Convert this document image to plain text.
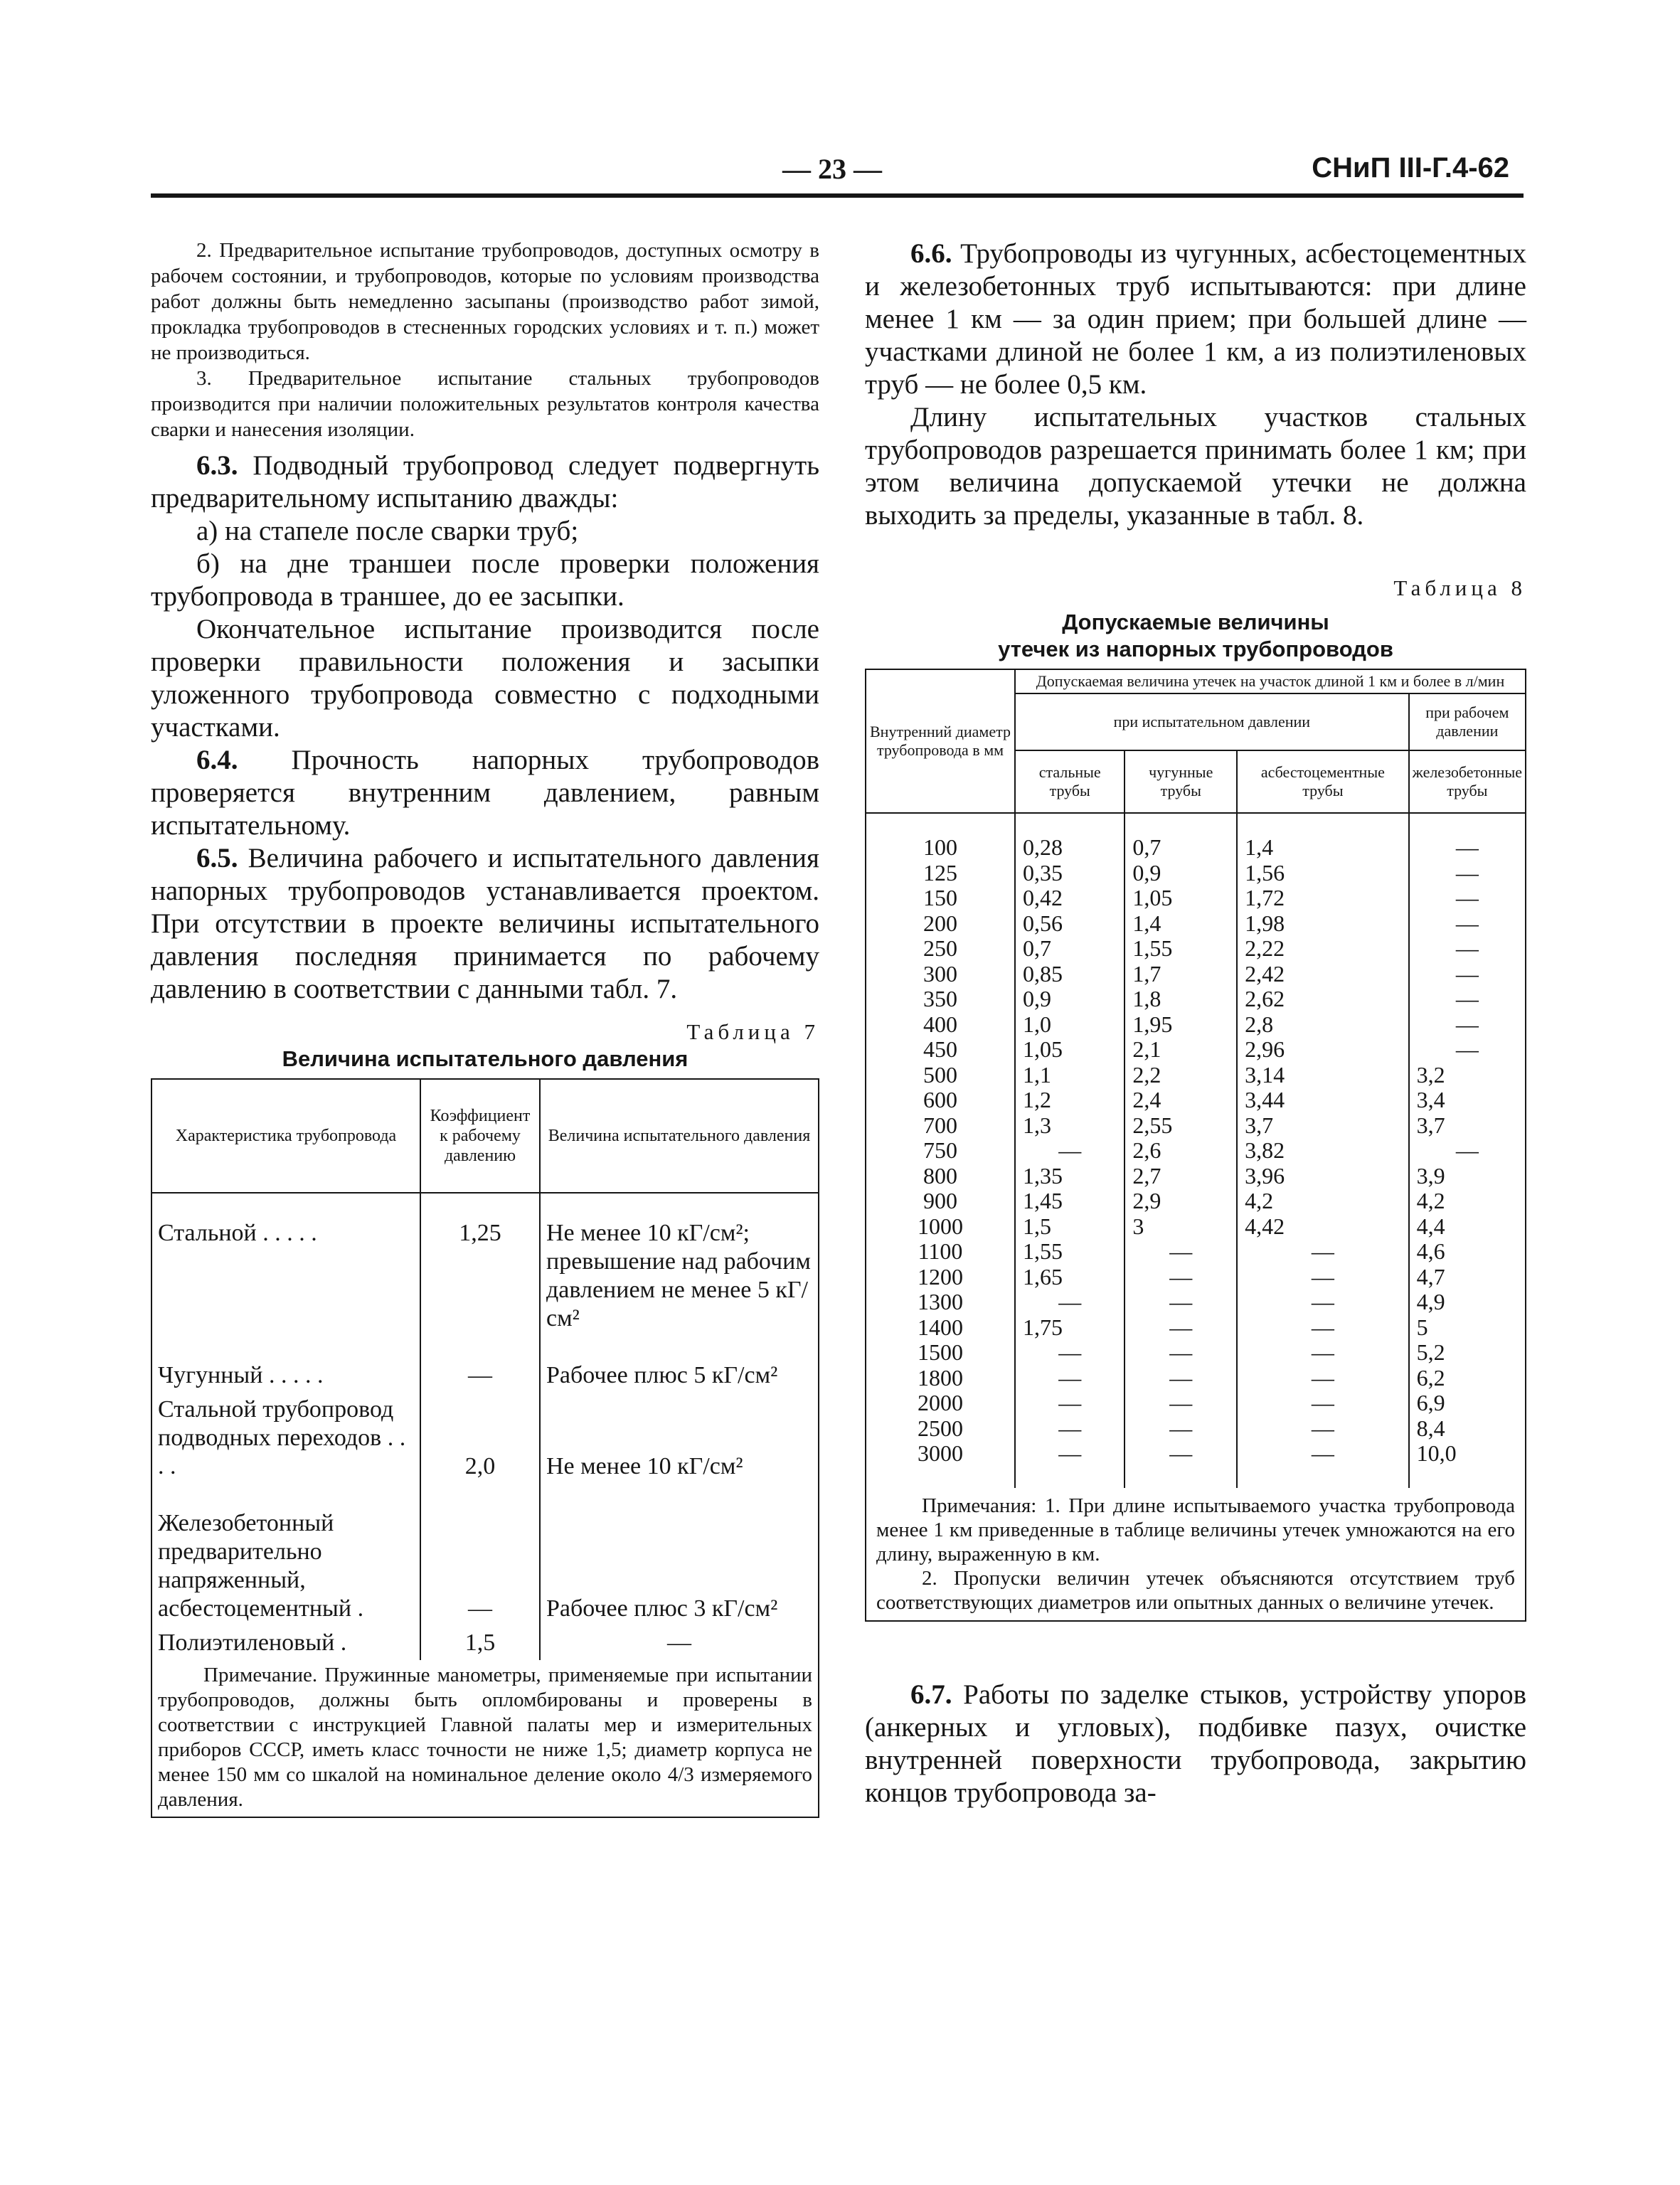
— 23 —	СНиП III-Г.4-62

2. Предварительное испытание трубопроводов, доступных осмотру в рабочем состоянии, и трубопроводов, которые по условиям производства работ должны быть немедленно засыпаны (производство работ зимой, прокладка трубопроводов в стесненных городских условиях и т. п.) может не производиться.

3. Предварительное испытание стальных трубопроводов производится при наличии положительных результатов контроля качества сварки и нанесения изоляции.

6.3. Подводный трубопровод следует подвергнуть предварительному испытанию дважды:

а) на стапеле после сварки труб;

б) на дне траншеи после проверки положения трубопровода в траншее, до ее засыпки.

Окончательное испытание производится после проверки правильности положения и засыпки уложенного трубопровода совместно с подходными участками.

6.4. Прочность напорных трубопроводов проверяется внутренним давлением, равным испытательному.

6.5. Величина рабочего и испытательного давления напорных трубопроводов устанавливается проектом. При отсутствии в проекте величины испытательного давления последняя принимается по рабочему давлению в соответствии с данными табл. 7.

Таблица 7
Величина испытательного давления
Характеристика трубопровода	Коэффициент к рабочему давлению	Величина испытательного давления

Стальной . . . . .	1,25	Не менее 10 кГ/см²; превышение над рабочим давлением не менее 5 кГ/см²

Чугунный . . . . .	—	Рабочее плюс 5 кГ/см²
Стальной трубопровод подводных переходов . . . .	2,0	Не менее 10 кГ/см²

Железобетонный предварительно напряженный, асбестоцементный .	—	Рабочее плюс 3 кГ/см²
Полиэтиленовый .	1,5	—

Примечание. Пружинные манометры, применяемые при испытании трубопроводов, должны быть опломбированы и проверены в соответствии с инструкцией Главной палаты мер и измерительных приборов СССР, иметь класс точности не ниже 1,5; диаметр корпуса не менее 150 мм со шкалой на номинальное деление около 4/3 измеряемого давления.		

6.6. Трубопроводы из чугунных, асбестоцементных и железобетонных труб испытываются: при длине менее 1 км — за один прием; при большей длине — участками длиной не более 1 км, а из полиэтиленовых труб — не более 0,5 км.

Длину испытательных участков стальных трубопроводов разрешается принимать более 1 км; при этом величина допускаемой утечки не должна выходить за пределы, указанные в табл. 8.

Таблица 8
Допускаемые величины
утечек из напорных трубопроводов
Внутренний диаметр трубопровода в мм	Допускаемая величина утечек на участок длиной 1 км и более в л/мин			
	при испытательном давлении			при рабочем давлении
	стальные трубы	чугунные трубы	асбестоцементные трубы	железобетонные трубы

100	0,28	0,7	1,4	—
125	0,35	0,9	1,56	—
150	0,42	1,05	1,72	—
200	0,56	1,4	1,98	—
250	0,7	1,55	2,22	—
300	0,85	1,7	2,42	—
350	0,9	1,8	2,62	—
400	1,0	1,95	2,8	—
450	1,05	2,1	2,96	—
500	1,1	2,2	3,14	3,2
600	1,2	2,4	3,44	3,4
700	1,3	2,55	3,7	3,7
750	—	2,6	3,82	—
800	1,35	2,7	3,96	3,9
900	1,45	2,9	4,2	4,2
1000	1,5	3	4,42	4,4
1100	1,55	—	—	4,6
1200	1,65	—	—	4,7
1300	—	—	—	4,9
1400	1,75	—	—	5
1500	—	—	—	5,2
1800	—	—	—	6,2
2000	—	—	—	6,9
2500	—	—	—	8,4
3000	—	—	—	10,0

Примечания: 1. При длине испытываемого участка трубопровода менее 1 км приведенные в таблице величины утечек умножаются на его длину, выраженную в км.
2. Пропуски величин утечек объясняются отсутствием труб соответствующих диаметров или опытных данных о величине утечек.

6.7. Работы по заделке стыков, устройству упоров (анкерных и угловых), подбивке пазух, очистке внутренней поверхности трубопровода, закрытию концов трубопровода за-
